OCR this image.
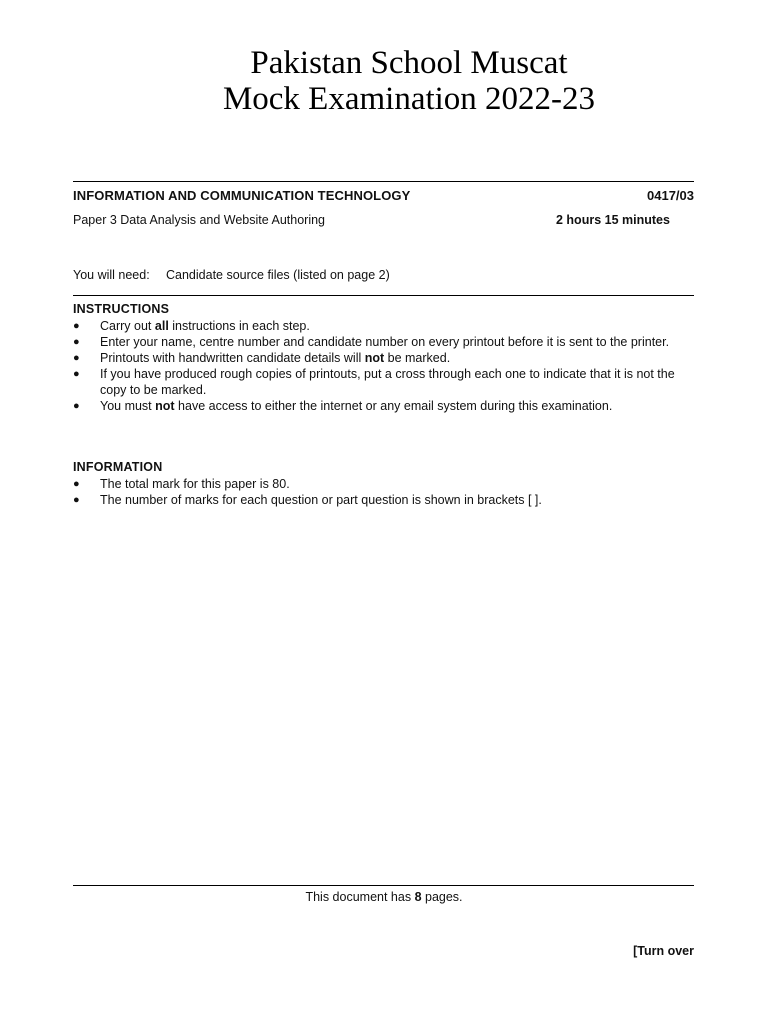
Pakistan School Muscat
Mock Examination 2022-23
INFORMATION AND COMMUNICATION TECHNOLOGY	0417/03
Paper 3 Data Analysis and Website Authoring	2 hours 15 minutes
You will need: Candidate source files (listed on page 2)
INSTRUCTIONS
● Carry out all instructions in each step.
● Enter your name, centre number and candidate number on every printout before it is sent to the printer.
● Printouts with handwritten candidate details will not be marked.
● If you have produced rough copies of printouts, put a cross through each one to indicate that it is not the copy to be marked.
● You must not have access to either the internet or any email system during this examination.
INFORMATION
● The total mark for this paper is 80.
● The number of marks for each question or part question is shown in brackets [ ].
This document has 8 pages.
[Turn over
